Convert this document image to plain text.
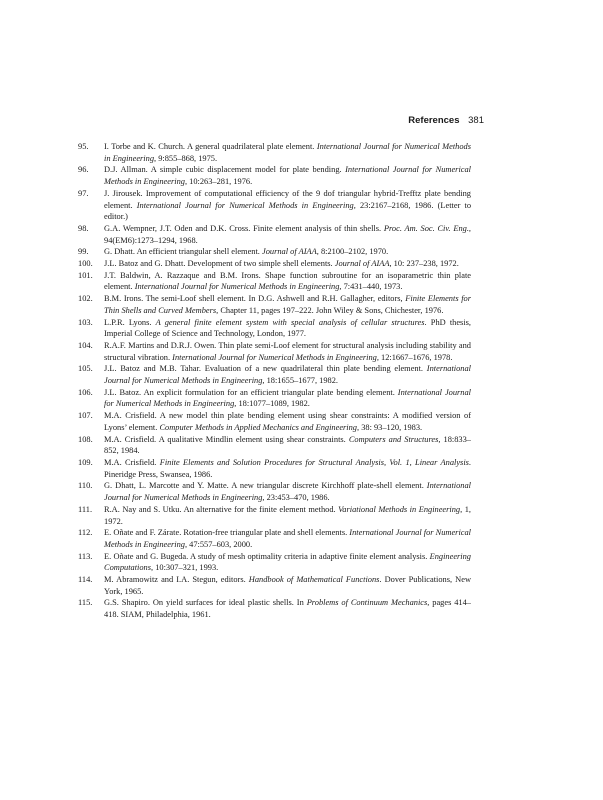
References 381
95.	I. Torbe and K. Church. A general quadrilateral plate element. International Journal for Numerical Methods in Engineering, 9:855–868, 1975.
96.	D.J. Allman. A simple cubic displacement model for plate bending. International Journal for Numerical Methods in Engineering, 10:263–281, 1976.
97.	J. Jirousek. Improvement of computational efficiency of the 9 dof triangular hybrid-Trefftz plate bending element. International Journal for Numerical Methods in Engineering, 23:2167–2168, 1986. (Letter to editor.)
98.	G.A. Wempner, J.T. Oden and D.K. Cross. Finite element analysis of thin shells. Proc. Am. Soc. Civ. Eng., 94(EM6):1273–1294, 1968.
99.	G. Dhatt. An efficient triangular shell element. Journal of AIAA, 8:2100–2102, 1970.
100.	J.L. Batoz and G. Dhatt. Development of two simple shell elements. Journal of AIAA, 10: 237–238, 1972.
101.	J.T. Baldwin, A. Razzaque and B.M. Irons. Shape function subroutine for an isoparametric thin plate element. International Journal for Numerical Methods in Engineering, 7:431–440, 1973.
102.	B.M. Irons. The semi-Loof shell element. In D.G. Ashwell and R.H. Gallagher, editors, Finite Elements for Thin Shells and Curved Members, Chapter 11, pages 197–222. John Wiley & Sons, Chichester, 1976.
103.	L.P.R. Lyons. A general finite element system with special analysis of cellular structures. PhD thesis, Imperial College of Science and Technology, London, 1977.
104.	R.A.F. Martins and D.R.J. Owen. Thin plate semi-Loof element for structural analysis including stability and structural vibration. International Journal for Numerical Methods in Engineering, 12:1667–1676, 1978.
105.	J.L. Batoz and M.B. Tahar. Evaluation of a new quadrilateral thin plate bending element. International Journal for Numerical Methods in Engineering, 18:1655–1677, 1982.
106.	J.L. Batoz. An explicit formulation for an efficient triangular plate bending element. International Journal for Numerical Methods in Engineering, 18:1077–1089, 1982.
107.	M.A. Crisfield. A new model thin plate bending element using shear constraints: A modified version of Lyons’ element. Computer Methods in Applied Mechanics and Engineering, 38: 93–120, 1983.
108.	M.A. Crisfield. A qualitative Mindlin element using shear constraints. Computers and Structures, 18:833–852, 1984.
109.	M.A. Crisfield. Finite Elements and Solution Procedures for Structural Analysis, Vol. 1, Linear Analysis. Pineridge Press, Swansea, 1986.
110.	G. Dhatt, L. Marcotte and Y. Matte. A new triangular discrete Kirchhoff plate-shell element. International Journal for Numerical Methods in Engineering, 23:453–470, 1986.
111.	R.A. Nay and S. Utku. An alternative for the finite element method. Variational Methods in Engineering, 1, 1972.
112.	E. Oñate and F. Zárate. Rotation-free triangular plate and shell elements. International Journal for Numerical Methods in Engineering, 47:557–603, 2000.
113.	E. Oñate and G. Bugeda. A study of mesh optimality criteria in adaptive finite element analysis. Engineering Computations, 10:307–321, 1993.
114.	M. Abramowitz and I.A. Stegun, editors. Handbook of Mathematical Functions. Dover Publications, New York, 1965.
115.	G.S. Shapiro. On yield surfaces for ideal plastic shells. In Problems of Continuum Mechanics, pages 414–418. SIAM, Philadelphia, 1961.
